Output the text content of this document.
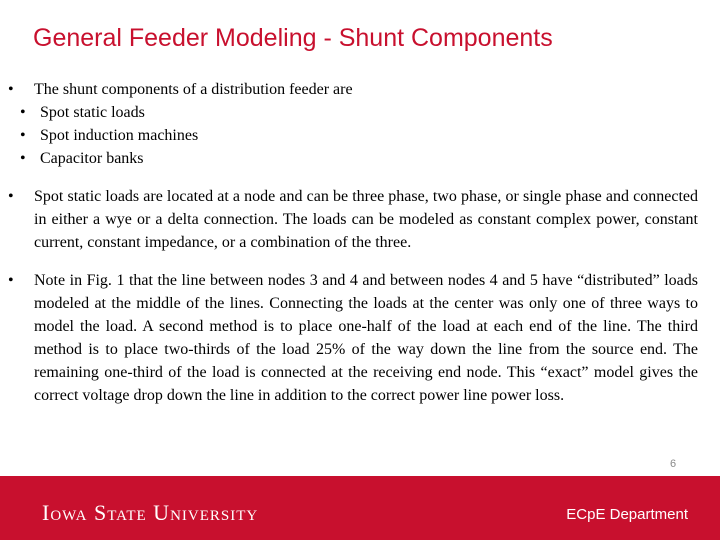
General Feeder Modeling - Shunt Components
•	The shunt components of a distribution feeder are
• Spot static loads
• Spot induction machines
• Capacitor banks
•	Spot static loads are located at a node and can be three phase, two phase, or single phase and connected in either a wye or a delta connection. The loads can be modeled as constant complex power, constant current, constant impedance, or a combination of the three.
•	Note in Fig. 1 that the line between nodes 3 and 4 and between nodes 4 and 5 have “distributed” loads modeled at the middle of the lines. Connecting the loads at the center was only one of three ways to model the load. A second method is to place one-half of the load at each end of the line. The third method is to place two-thirds of the load 25% of the way down the line from the source end. The remaining one-third of the load is connected at the receiving end node. This “exact” model gives the correct voltage drop down the line in addition to the correct power line power loss.
6
Iowa State University	ECpE Department
